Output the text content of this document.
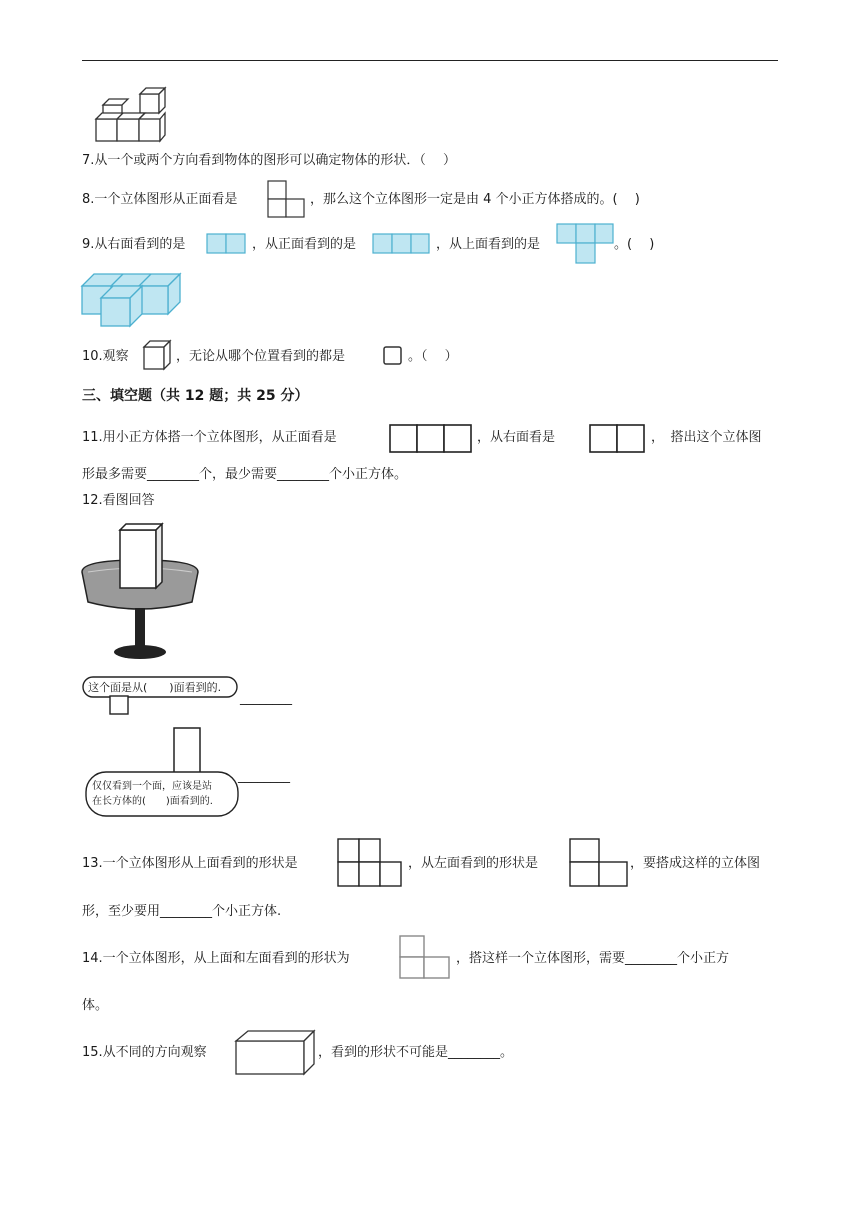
7.从一个或两个方向看到物体的图形可以确定物体的形状．（　 ）
8.一个立体图形从正面看是	，那么这个立体图形一定是由 4 个小正方体搭成的。(　 )
9.从右面看到的是	，从正面看到的是	，从上面看到的是	。(　 )
10.观察	，无论从哪个位置看到的都是	。（　 ）
三、填空题（共 12 题；共 25 分）
11.用小正方体搭一个立体图形，从正面看是	，从右面看是	，　搭出这个立体图
形最多需要________个，最少需要________个小正方体。
12.看图回答
这个面是从(　　)面看到的.
________
仅仅看到一个面，应该是站
在长方体的(　　)面看到的.
________
13.一个立体图形从上面看到的形状是	，从左面看到的形状是	，要搭成这样的立体图
形，至少要用________个小正方体.
14.一个立体图形，从上面和左面看到的形状为	，搭这样一个立体图形，需要________个小正方
体。
15.从不同的方向观察	，看到的形状不可能是________。
